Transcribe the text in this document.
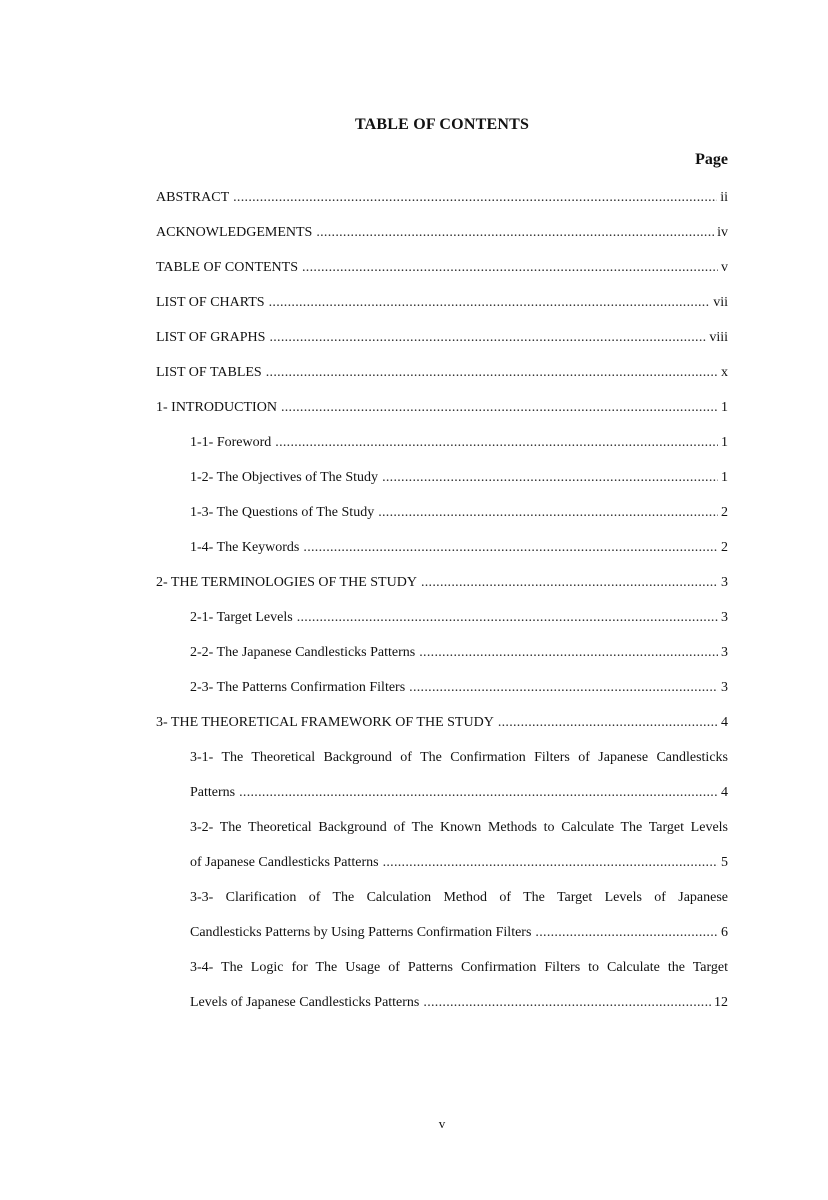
TABLE OF CONTENTS
Page
ABSTRACT .....	ii
ACKNOWLEDGEMENTS .....	iv
TABLE OF CONTENTS .....	v
LIST OF CHARTS .....	vii
LIST OF GRAPHS .....	viii
LIST OF TABLES .....	x
1- INTRODUCTION .....	1
1-1- Foreword .....	1
1-2- The Objectives of The Study .....	1
1-3- The Questions of The Study .....	2
1-4- The Keywords .....	2
2- THE TERMINOLOGIES OF THE STUDY .....	3
2-1- Target Levels .....	3
2-2- The Japanese Candlesticks Patterns .....	3
2-3- The Patterns Confirmation Filters .....	3
3- THE THEORETICAL FRAMEWORK OF THE STUDY .....	4
3-1- The Theoretical Background of The Confirmation Filters of Japanese Candlesticks
Patterns .....	4
3-2- The Theoretical Background of The Known Methods to Calculate The Target Levels
of Japanese Candlesticks Patterns .....	5
3-3- Clarification of The Calculation Method of The Target Levels of Japanese
Candlesticks Patterns by Using Patterns Confirmation Filters .....	6
3-4- The Logic for The Usage of Patterns Confirmation Filters to Calculate the Target
Levels of Japanese Candlesticks Patterns .....	12
v
